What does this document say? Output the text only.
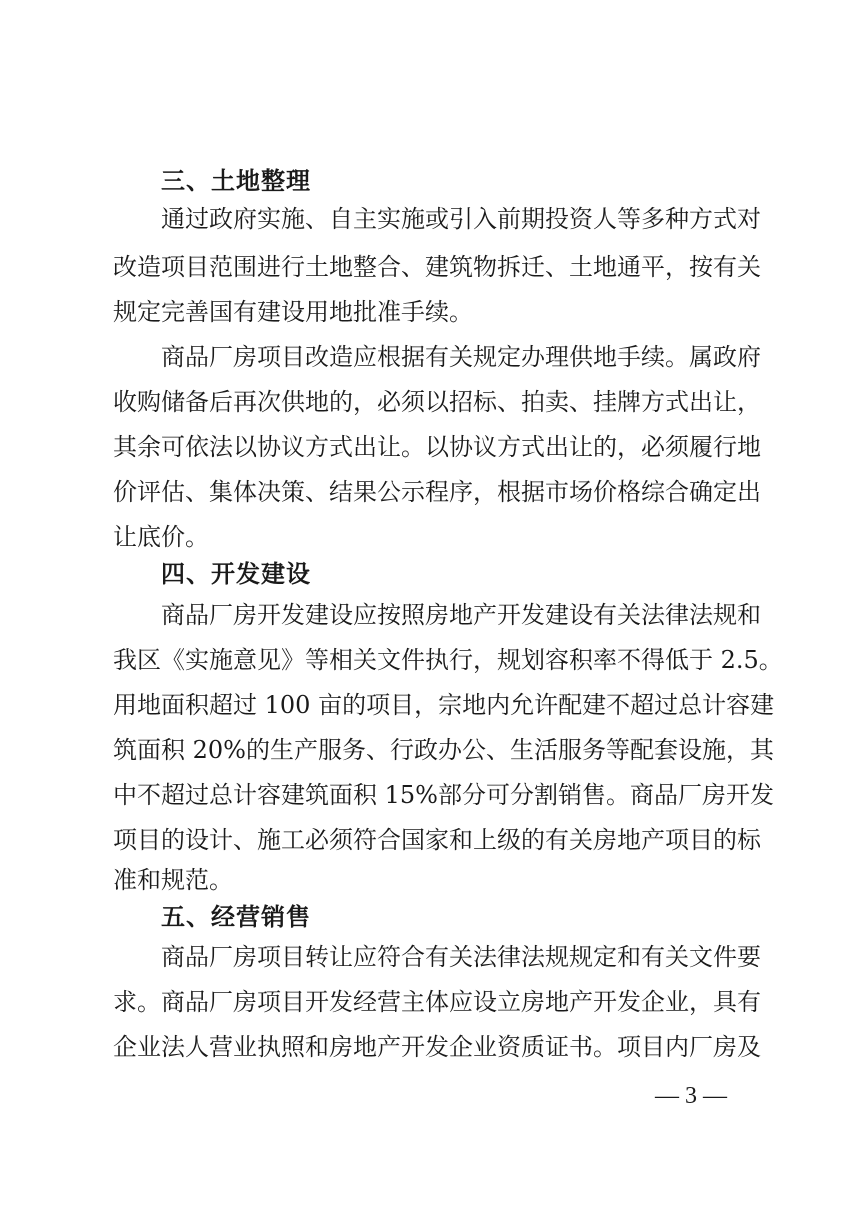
三、土地整理
通过政府实施、自主实施或引入前期投资人等多种方式对
改造项目范围进行土地整合、建筑物拆迁、土地通平，按有关
规定完善国有建设用地批准手续。
商品厂房项目改造应根据有关规定办理供地手续。属政府
收购储备后再次供地的，必须以招标、拍卖、挂牌方式出让，
其余可依法以协议方式出让。以协议方式出让的，必须履行地
价评估、集体决策、结果公示程序，根据市场价格综合确定出
让底价。
四、开发建设
商品厂房开发建设应按照房地产开发建设有关法律法规和
我区《实施意见》等相关文件执行，规划容积率不得低于 2.5。
用地面积超过 100 亩的项目，宗地内允许配建不超过总计容建
筑面积 20%的生产服务、行政办公、生活服务等配套设施，其
中不超过总计容建筑面积 15%部分可分割销售。商品厂房开发
项目的设计、施工必须符合国家和上级的有关房地产项目的标
准和规范。
五、经营销售
商品厂房项目转让应符合有关法律法规规定和有关文件要
求。商品厂房项目开发经营主体应设立房地产开发企业，具有
企业法人营业执照和房地产开发企业资质证书。项目内厂房及
— 3 —
